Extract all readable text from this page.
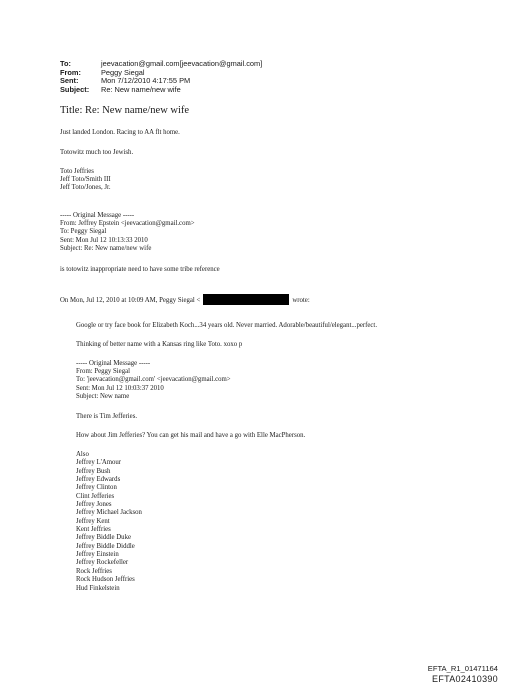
To:	jeevacation@gmail.com[jeevacation@gmail.com]
From:	Peggy Siegal
Sent:	Mon 7/12/2010 4:17:55 PM
Subject:	Re: New name/new wife
Title: Re: New name/new wife
Just landed London. Racing to AA flt home.
Totowitz much too Jewish.
Toto Jeffries
Jeff Toto/Smith III
Jeff Toto/Jones, Jr.
----- Original Message -----
From: Jeffrey Epstein <jeevacation@gmail.com>
To: Peggy Siegal
Sent: Mon Jul 12 10:13:33 2010
Subject: Re: New name/new wife
is totowitz inappropriate need to have some tribe reference
On Mon, Jul 12, 2010 at 10:09 AM, Peggy Siegal <	wrote:
Google or try face book for Elizabeth Koch...34 years old. Never married. Adorable/beautiful/elegant...perfect.
Thinking of better name with a Kansas ring like Toto. xoxo p
----- Original Message -----
From: Peggy Siegal
To: 'jeevacation@gmail.com' <jeevacation@gmail.com>
Sent: Mon Jul 12 10:03:37 2010
Subject: New name
There is Tim Jefferies.
How about Jim Jefferies? You can get his mail and have a go with Elle MacPherson.
Also
Jeffrey L'Amour
Jeffrey Bush
Jeffrey Edwards
Jeffrey Clinton
Clint Jefferies
Jeffrey Jones
Jeffrey Michael Jackson
Jeffrey Kent
Kent Jeffries
Jeffrey Biddle Duke
Jeffrey Biddle Diddle
Jeffrey Einstein
Jeffrey Rockefeller
Rock Jeffries
Rock Hudson Jeffries
Hud Finkelstein
EFTA_R1_01471164
EFTA02410390
